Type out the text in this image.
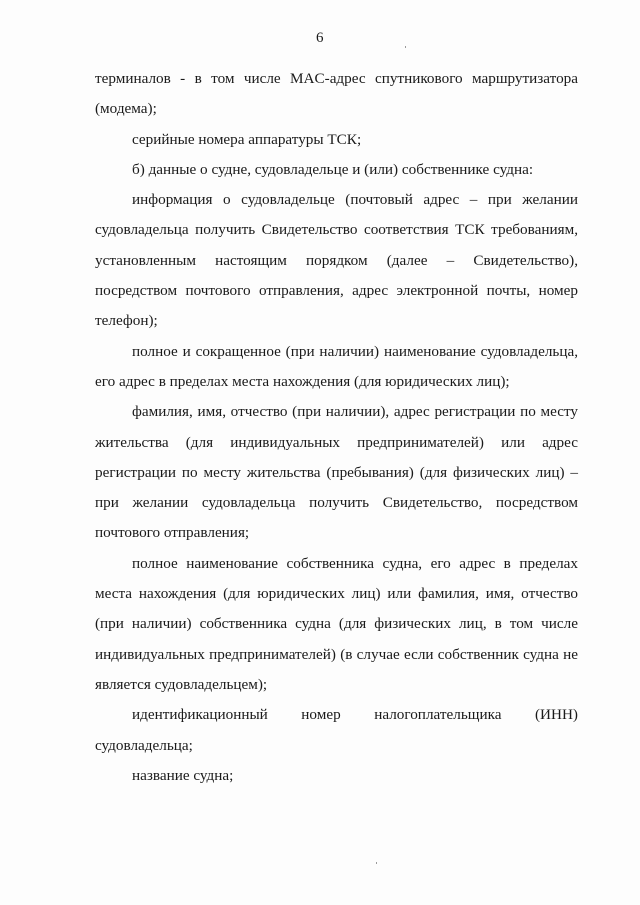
6

терминалов - в том числе MAC-адрес спутникового маршрутизатора (модема);

серийные номера аппаратуры ТСК;

б) данные о судне, судовладельце и (или) собственнике судна:

информация о судовладельце (почтовый адрес – при желании судовладельца получить Свидетельство соответствия ТСК требованиям, установленным настоящим порядком (далее – Свидетельство), посредством почтового отправления, адрес электронной почты, номер телефон);

полное и сокращенное (при наличии) наименование судовладельца, его адрес в пределах места нахождения (для юридических лиц);

фамилия, имя, отчество (при наличии), адрес регистрации по месту жительства (для индивидуальных предпринимателей) или адрес регистрации по месту жительства (пребывания) (для физических лиц) – при желании судовладельца получить Свидетельство, посредством почтового отправления;

полное наименование собственника судна, его адрес в пределах места нахождения (для юридических лиц) или фамилия, имя, отчество (при наличии) собственника судна (для физических лиц, в том числе индивидуальных предпринимателей) (в случае если собственник судна не является судовладельцем);

идентификационный номер налогоплательщика (ИНН) судовладельца;

название судна;
